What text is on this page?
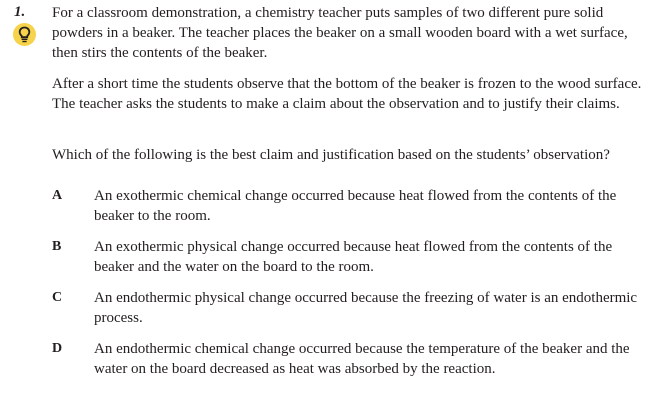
1. For a classroom demonstration, a chemistry teacher puts samples of two different pure solid powders in a beaker. The teacher places the beaker on a small wooden board with a wet surface, then stirs the contents of the beaker.

After a short time the students observe that the bottom of the beaker is frozen to the wood surface. The teacher asks the students to make a claim about the observation and to justify their claims.

Which of the following is the best claim and justification based on the students’ observation?

A An exothermic chemical change occurred because heat flowed from the contents of the beaker to the room.
B An exothermic physical change occurred because heat flowed from the contents of the beaker and the water on the board to the room.
C An endothermic physical change occurred because the freezing of water is an endothermic process.
D An endothermic chemical change occurred because the temperature of the beaker and the water on the board decreased as heat was absorbed by the reaction.
